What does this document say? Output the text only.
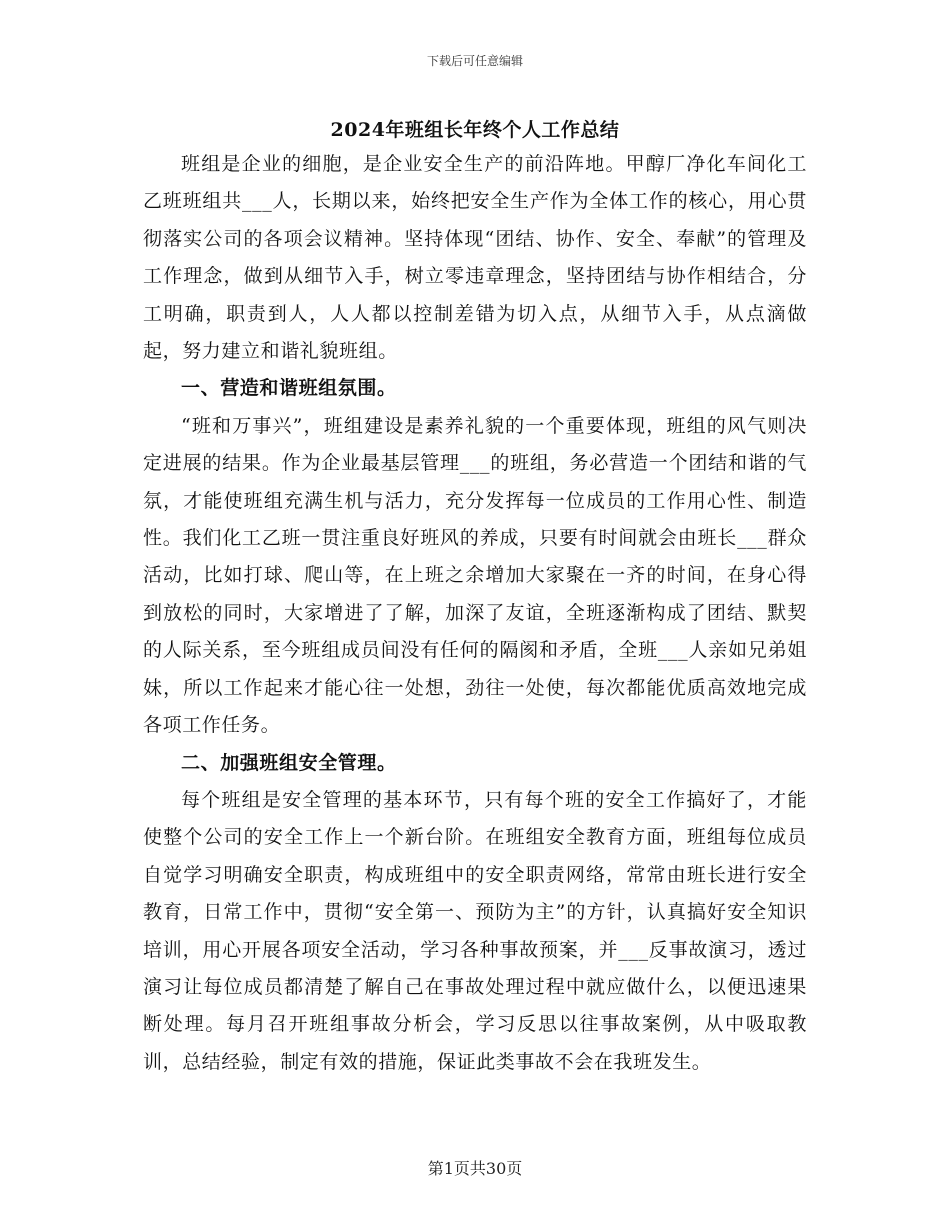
下载后可任意编辑
2024年班组长年终个人工作总结

班组是企业的细胞，是企业安全生产的前沿阵地。甲醇厂净化车间化工乙班班组共___人，长期以来，始终把安全生产作为全体工作的核心，用心贯彻落实公司的各项会议精神。坚持体现“团结、协作、安全、奉献”的管理及工作理念，做到从细节入手，树立零违章理念，坚持团结与协作相结合，分工明确，职责到人，人人都以控制差错为切入点，从细节入手，从点滴做起，努力建立和谐礼貌班组。

一、营造和谐班组氛围。

“班和万事兴”，班组建设是素养礼貌的一个重要体现，班组的风气则决定进展的结果。作为企业最基层管理___的班组，务必营造一个团结和谐的气氛，才能使班组充满生机与活力，充分发挥每一位成员的工作用心性、制造性。我们化工乙班一贯注重良好班风的养成，只要有时间就会由班长___群众活动，比如打球、爬山等，在上班之余增加大家聚在一齐的时间，在身心得到放松的同时，大家增进了了解，加深了友谊，全班逐渐构成了团结、默契的人际关系，至今班组成员间没有任何的隔阂和矛盾，全班___人亲如兄弟姐妹，所以工作起来才能心往一处想，劲往一处使，每次都能优质高效地完成各项工作任务。

二、加强班组安全管理。

每个班组是安全管理的基本环节，只有每个班的安全工作搞好了，才能使整个公司的安全工作上一个新台阶。在班组安全教育方面，班组每位成员自觉学习明确安全职责，构成班组中的安全职责网络，常常由班长进行安全教育，日常工作中，贯彻“安全第一、预防为主”的方针，认真搞好安全知识培训，用心开展各项安全活动，学习各种事故预案，并___反事故演习，透过演习让每位成员都清楚了解自己在事故处理过程中就应做什么，以便迅速果断处理。每月召开班组事故分析会，学习反思以往事故案例，从中吸取教训，总结经验，制定有效的措施，保证此类事故不会在我班发生。

第1页共30页
